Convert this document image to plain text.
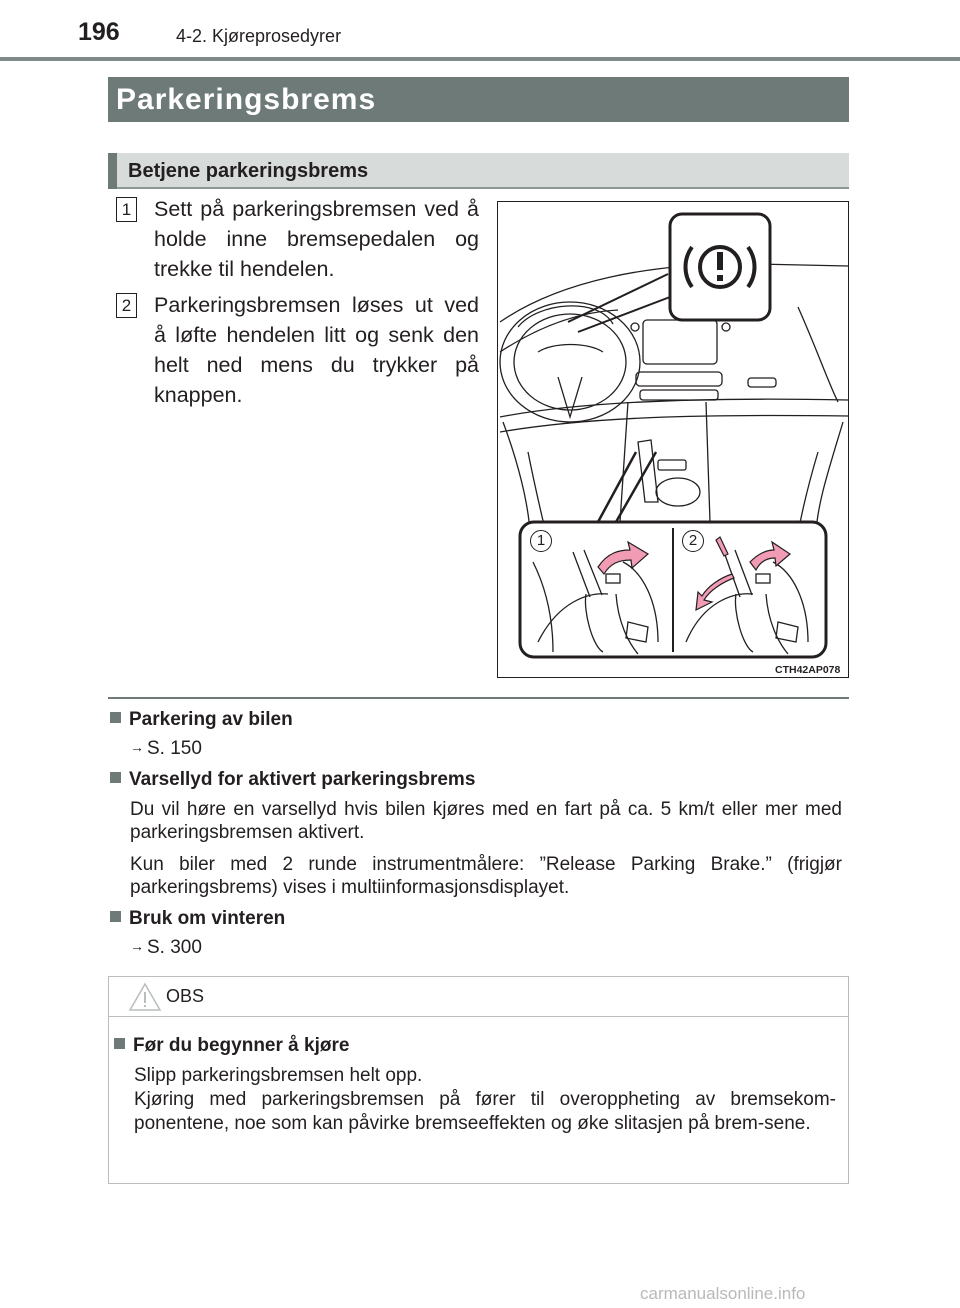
196	4-2. Kjøreprosedyrer
Parkeringsbrems
Betjene parkeringsbrems
1 Sett på parkeringsbremsen ved å holde inne bremsepedalen og trekke til hendelen.
2 Parkeringsbremsen løses ut ved å løfte hendelen litt og senk den helt ned mens du trykker på knappen.
1	2
CTH42AP078
Parkering av bilen
→ S. 150
Varsellyd for aktivert parkeringsbrems
Du vil høre en varsellyd hvis bilen kjøres med en fart på ca. 5 km/t eller mer med parkeringsbremsen aktivert.
Kun biler med 2 runde instrumentmålere: ”Release Parking Brake.” (frigjør parkeringsbrems) vises i multiinformasjonsdisplayet.
Bruk om vinteren
→ S. 300
OBS
Før du begynner å kjøre
Slipp parkeringsbremsen helt opp.
Kjøring med parkeringsbremsen på fører til overoppheting av bremsekom-ponentene, noe som kan påvirke bremseeffekten og øke slitasjen på brem-sene.
carmanualsonline.info
